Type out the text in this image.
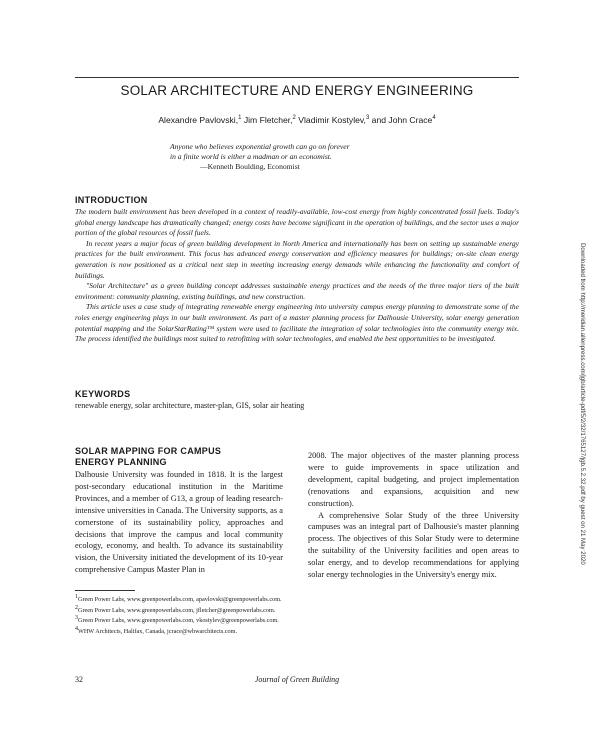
SOLAR ARCHITECTURE AND ENERGY ENGINEERING
Alexandre Pavlovski,$^1$ Jim Fletcher,$^2$ Vladimir Kostylev,$^3$ and John Crace$^4$
Anyone who believes exponential growth can go on forever
in a finite world is either a madman or an economist.
—Kenneth Boulding, Economist
INTRODUCTION

The modern built environment has been developed in a context of readily-available, low-cost energy from highly concentrated fossil fuels. Today's global energy landscape has dramatically changed; energy costs have become significant in the operation of buildings, and the sector uses a major portion of the global resources of fossil fuels.

In recent years a major focus of green building development in North America and internationally has been on setting up sustainable energy practices for the built environment. This focus has advanced energy conservation and efficiency measures for buildings; on-site clean energy generation is now positioned as a critical next step in meeting increasing energy demands while enhancing the functionality and comfort of buildings.

"Solar Architecture" as a green building concept addresses sustainable energy practices and the needs of the three major tiers of the built environment: community planning, existing buildings, and new construction.

This article uses a case study of integrating renewable energy engineering into university campus energy planning to demonstrate some of the roles energy engineering plays in our built environment. As part of a master planning process for Dalhousie University, solar energy generation potential mapping and the SolarStarRating™ system were used to facilitate the integration of solar technologies into the community energy mix. The process identified the buildings most suited to retrofitting with solar technologies, and enabled the best opportunities to be investigated.

KEYWORDS
renewable energy, solar architecture, master-plan, GIS, solar air heating
SOLAR MAPPING FOR CAMPUS
ENERGY PLANNING

Dalhousie University was founded in 1818. It is the largest post-secondary educational institution in the Maritime Provinces, and a member of G13, a group of leading research-intensive universities in Canada. The University supports, as a cornerstone of its sustainability policy, approaches and decisions that improve the campus and local community ecology, economy, and health. To advance its sustainability vision, the University initiated the development of its 10-year comprehensive Campus Master Plan in

2008. The major objectives of the master planning process were to guide improvements in space utilization and development, capital budgeting, and project implementation (renovations and expansions, acquisition and new construction).

A comprehensive Solar Study of the three University campuses was an integral part of Dalhousie's master planning process. The objectives of this Solar Study were to determine the suitability of the University facilities and open areas to solar energy, and to develop recommendations for applying solar energy technologies in the University's energy mix.

$^1$Green Power Labs, www.greenpowerlabs.com, apavlovski@greenpowerlabs.com.
$^2$Green Power Labs, www.greenpowerlabs.com, jfletcher@greenpowerlabs.com.
$^3$Green Power Labs, www.greenpowerlabs.com, vkostylev@greenpowerlabs.com.
$^4$WHW Architects, Halifax, Canada, jcrace@whwarchitects.com.
32	Journal of Green Building
Downloaded from http://meridian.allenpress.com/jgb/article-pdf/5/2/32/1765127/jgb.5.2.32.pdf by guest on 21 May 2020
